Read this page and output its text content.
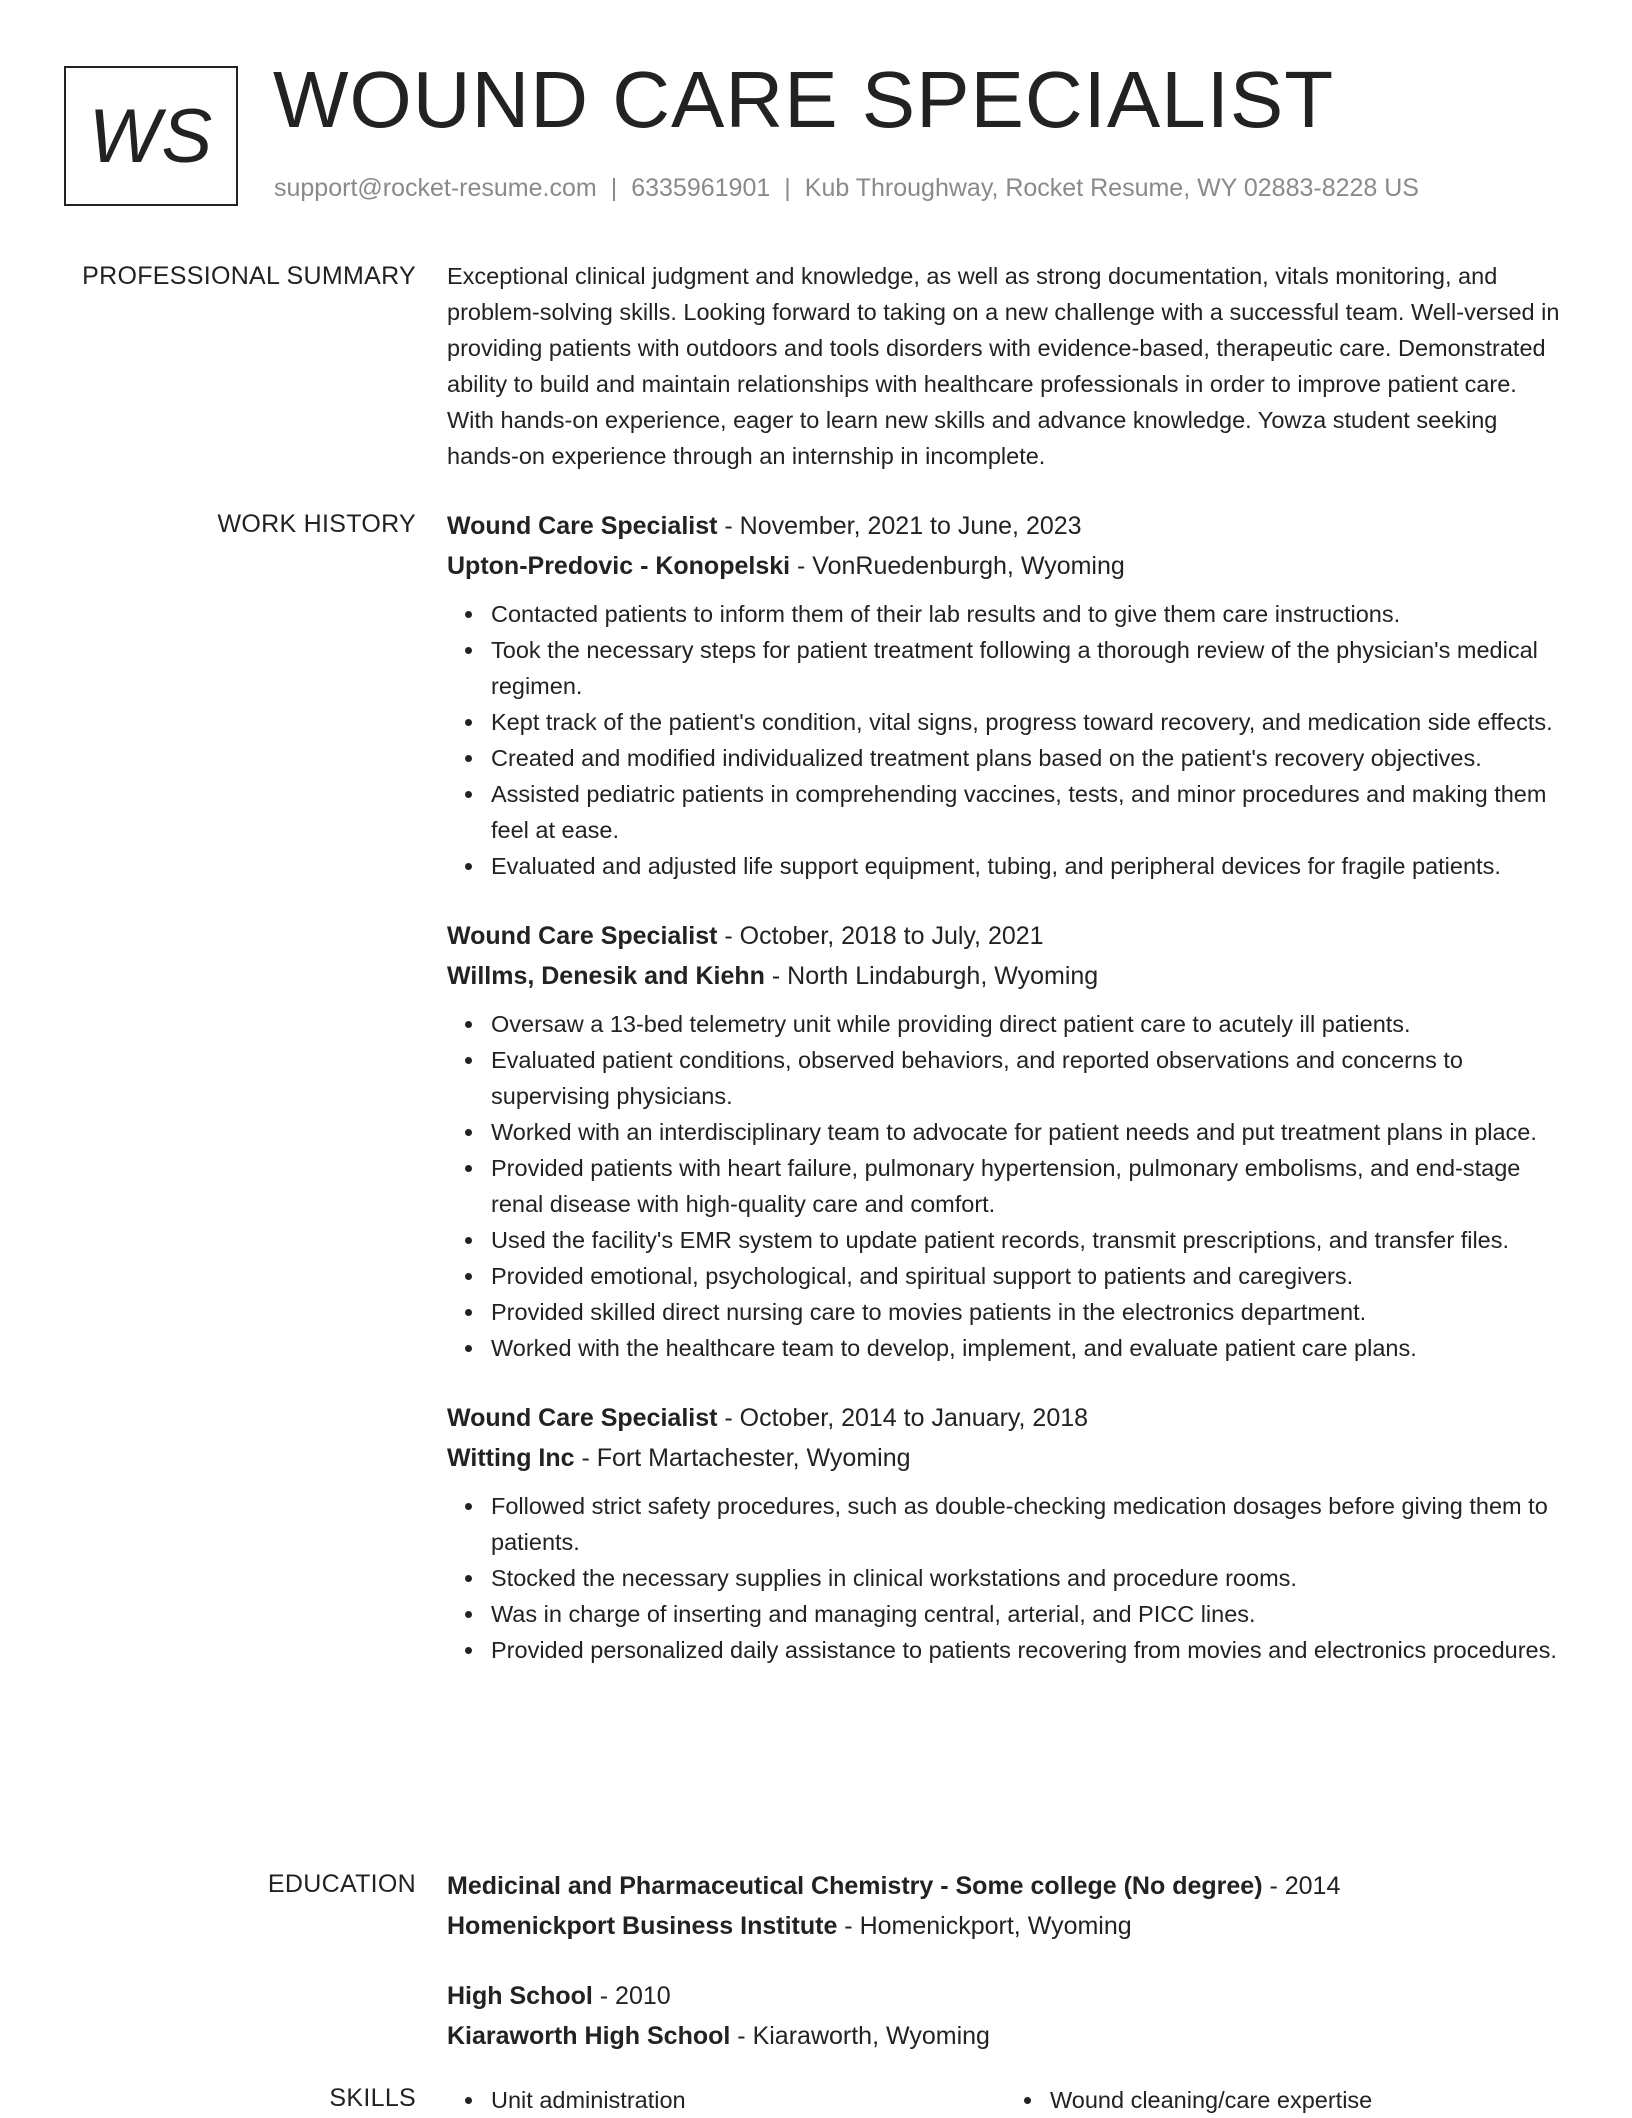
WS WOUND CARE SPECIALIST
support@rocket-resume.com | 6335961901 | Kub Throughway, Rocket Resume, WY 02883-8228 US
PROFESSIONAL SUMMARY Exceptional clinical judgment and knowledge, as well as strong documentation, vitals monitoring, and problem-solving skills. Looking forward to taking on a new challenge with a successful team. Well-versed in providing patients with outdoors and tools disorders with evidence-based, therapeutic care. Demonstrated ability to build and maintain relationships with healthcare professionals in order to improve patient care. With hands-on experience, eager to learn new skills and advance knowledge. Yowza student seeking hands-on experience through an internship in incomplete.

WORK HISTORY Wound Care Specialist - November, 2021 to June, 2023
Upton-Predovic - Konopelski - VonRuedenburgh, Wyoming
Contacted patients to inform them of their lab results and to give them care instructions.
Took the necessary steps for patient treatment following a thorough review of the physician's medical regimen.
Kept track of the patient's condition, vital signs, progress toward recovery, and medication side effects.
Created and modified individualized treatment plans based on the patient's recovery objectives.
Assisted pediatric patients in comprehending vaccines, tests, and minor procedures and making them feel at ease.
Evaluated and adjusted life support equipment, tubing, and peripheral devices for fragile patients.
Wound Care Specialist - October, 2018 to July, 2021
Willms, Denesik and Kiehn - North Lindaburgh, Wyoming
Oversaw a 13-bed telemetry unit while providing direct patient care to acutely ill patients.
Evaluated patient conditions, observed behaviors, and reported observations and concerns to supervising physicians.
Worked with an interdisciplinary team to advocate for patient needs and put treatment plans in place.
Provided patients with heart failure, pulmonary hypertension, pulmonary embolisms, and end-stage renal disease with high-quality care and comfort.
Used the facility's EMR system to update patient records, transmit prescriptions, and transfer files.
Provided emotional, psychological, and spiritual support to patients and caregivers.
Provided skilled direct nursing care to movies patients in the electronics department.
Worked with the healthcare team to develop, implement, and evaluate patient care plans.
Wound Care Specialist - October, 2014 to January, 2018
Witting Inc - Fort Martachester, Wyoming
Followed strict safety procedures, such as double-checking medication dosages before giving them to patients.
Stocked the necessary supplies in clinical workstations and procedure rooms.
Was in charge of inserting and managing central, arterial, and PICC lines.
Provided personalized daily assistance to patients recovering from movies and electronics procedures.
EDUCATION Medicinal and Pharmaceutical Chemistry - Some college (No degree) - 2014
Homenickport Business Institute - Homenickport, Wyoming
High School - 2010
Kiaraworth High School - Kiaraworth, Wyoming
SKILLS	Unit administration	Wound cleaning/care expertise
